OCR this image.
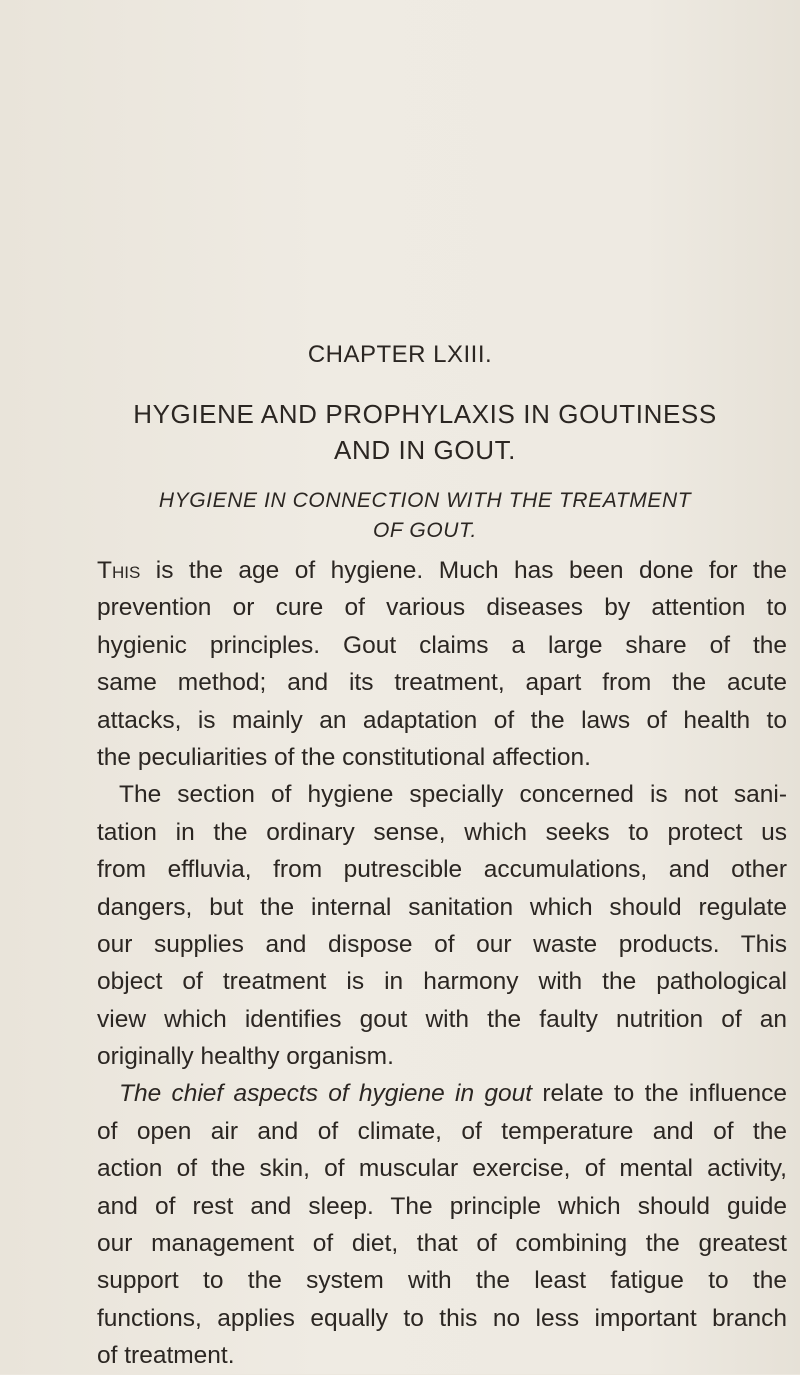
CHAPTER LXIII.
HYGIENE AND PROPHYLAXIS IN GOUTINESS
AND IN GOUT.
HYGIENE IN CONNECTION WITH THE TREATMENT
OF GOUT.
This is the age of hygiene. Much has been done for the
prevention or cure of various diseases by attention to
hygienic principles. Gout claims a large share of the
same method; and its treatment, apart from the acute
attacks, is mainly an adaptation of the laws of health to
the peculiarities of the constitutional affection.
The section of hygiene specially concerned is not sani-
tation in the ordinary sense, which seeks to protect us
from effluvia, from putrescible accumulations, and other
dangers, but the internal sanitation which should regulate
our supplies and dispose of our waste products. This
object of treatment is in harmony with the pathological
view which identifies gout with the faulty nutrition of an
originally healthy organism.
The chief aspects of hygiene in gout relate to the influence
of open air and of climate, of temperature and of the
action of the skin, of muscular exercise, of mental activity,
and of rest and sleep. The principle which should guide
our management of diet, that of combining the greatest
support to the system with the least fatigue to the
functions, applies equally to this no less important branch
of treatment.
